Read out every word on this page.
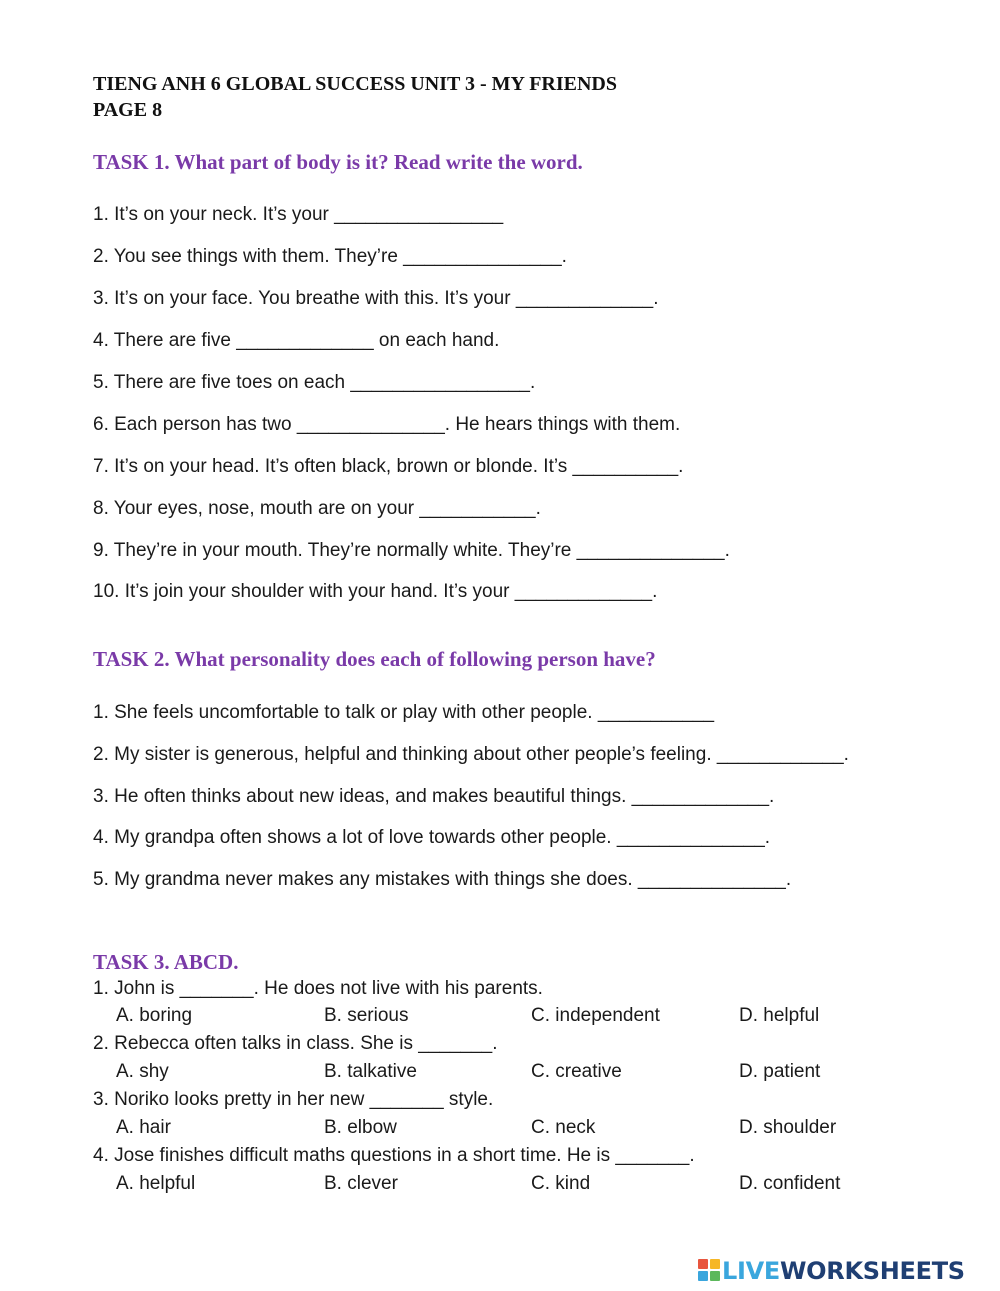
TIENG ANH 6 GLOBAL SUCCESS UNIT 3 - MY FRIENDS
PAGE 8
TASK 1. What part of body is it? Read write the word.
1. It’s on your neck. It’s your ________________
2. You see things with them. They’re _______________.
3. It’s on your face. You breathe with this. It’s your _____________.
4. There are five _____________ on each hand.
5. There are five toes on each _________________.
6. Each person has two ______________. He hears things with them.
7. It’s on your head. It’s often black, brown or blonde. It’s __________.
8. Your eyes, nose, mouth are on your ___________.
9. They’re in your mouth. They’re normally white. They’re ______________.
10. It’s join your shoulder with your hand. It’s your _____________.
TASK 2. What personality does each of following person have?
1. She feels uncomfortable to talk or play with other people. ___________
2. My sister is generous, helpful and thinking about other people’s feeling. ____________.
3. He often thinks about new ideas, and makes beautiful things. _____________.
4. My grandpa often shows a lot of love towards other people. ______________.
5. My grandma never makes any mistakes with things she does. ______________.
TASK 3. ABCD.
1. John is _______. He does not live with his parents.
A. boring	B. serious	C. independent	D. helpful
2. Rebecca often talks in class. She is _______.
A. shy	B. talkative	C. creative	D. patient
3. Noriko looks pretty in her new _______ style.
A. hair	B. elbow	C. neck	D. shoulder
4. Jose finishes difficult maths questions in a short time. He is _______.
A. helpful	B. clever	C. kind	D. confident
LIVEWORKSHEETS
